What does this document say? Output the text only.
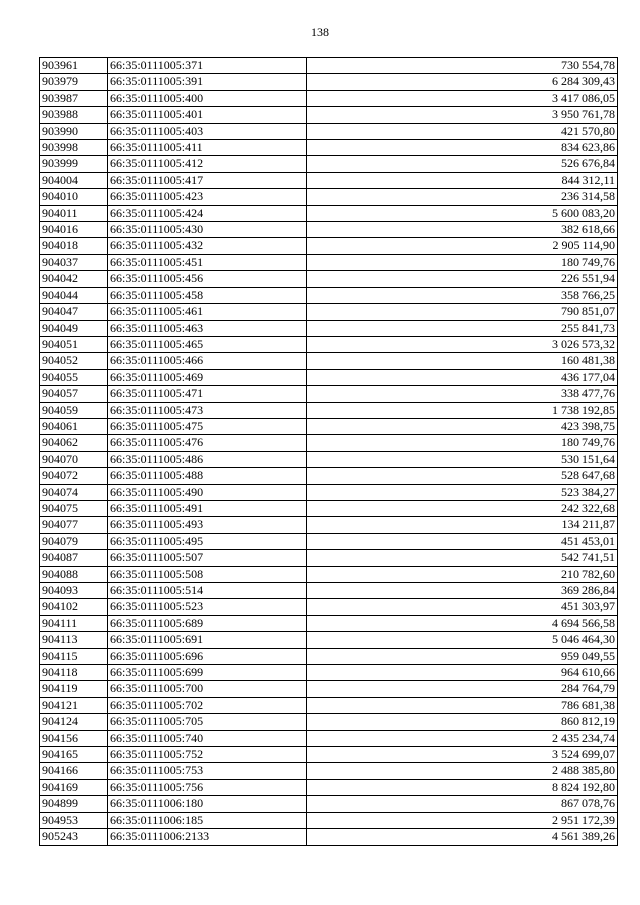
138
903961	66:35:0111005:371	730 554,78
903979	66:35:0111005:391	6 284 309,43
903987	66:35:0111005:400	3 417 086,05
903988	66:35:0111005:401	3 950 761,78
903990	66:35:0111005:403	421 570,80
903998	66:35:0111005:411	834 623,86
903999	66:35:0111005:412	526 676,84
904004	66:35:0111005:417	844 312,11
904010	66:35:0111005:423	236 314,58
904011	66:35:0111005:424	5 600 083,20
904016	66:35:0111005:430	382 618,66
904018	66:35:0111005:432	2 905 114,90
904037	66:35:0111005:451	180 749,76
904042	66:35:0111005:456	226 551,94
904044	66:35:0111005:458	358 766,25
904047	66:35:0111005:461	790 851,07
904049	66:35:0111005:463	255 841,73
904051	66:35:0111005:465	3 026 573,32
904052	66:35:0111005:466	160 481,38
904055	66:35:0111005:469	436 177,04
904057	66:35:0111005:471	338 477,76
904059	66:35:0111005:473	1 738 192,85
904061	66:35:0111005:475	423 398,75
904062	66:35:0111005:476	180 749,76
904070	66:35:0111005:486	530 151,64
904072	66:35:0111005:488	528 647,68
904074	66:35:0111005:490	523 384,27
904075	66:35:0111005:491	242 322,68
904077	66:35:0111005:493	134 211,87
904079	66:35:0111005:495	451 453,01
904087	66:35:0111005:507	542 741,51
904088	66:35:0111005:508	210 782,60
904093	66:35:0111005:514	369 286,84
904102	66:35:0111005:523	451 303,97
904111	66:35:0111005:689	4 694 566,58
904113	66:35:0111005:691	5 046 464,30
904115	66:35:0111005:696	959 049,55
904118	66:35:0111005:699	964 610,66
904119	66:35:0111005:700	284 764,79
904121	66:35:0111005:702	786 681,38
904124	66:35:0111005:705	860 812,19
904156	66:35:0111005:740	2 435 234,74
904165	66:35:0111005:752	3 524 699,07
904166	66:35:0111005:753	2 488 385,80
904169	66:35:0111005:756	8 824 192,80
904899	66:35:0111006:180	867 078,76
904953	66:35:0111006:185	2 951 172,39
905243	66:35:0111006:2133	4 561 389,26
